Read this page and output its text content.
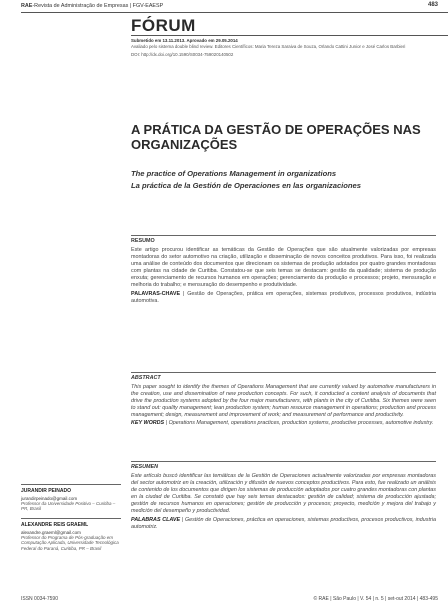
RAE-Revista de Administração de Empresas | FGV-EAESP	483
FÓRUM
Submetido em 13.11.2013. Aprovado em 29.05.2014
Avaliado pelo sistema double blind review. Editores Científicos: Maria Tereza Saraiva de Souza, Orlando Cattini Junior e José Carlos Barbieri
DOI: http://dx.doi.org/10.1590/S0034-759020140502
A PRÁTICA DA GESTÃO DE OPERAÇÕES NAS ORGANIZAÇÕES
The practice of Operations Management in organizations
La práctica de la Gestión de Operaciones en las organizaciones
RESUMO
Este artigo procurou identificar as temáticas da Gestão de Operações que são atualmente valorizadas por empresas montadoras do setor automotivo na criação, utilização e disseminação de novos conceitos produtivos. Para isso, foi realizada uma análise de conteúdo dos documentos que direcionam os sistemas de produção adotados por quatro grandes montadoras com plantas na cidade de Curitiba. Constatou-se que seis temas se destacam: gestão da qualidade; sistema de produção enxuta; gerenciamento de recursos humanos em operações; gerenciamento da produção e processos; projeto, mensuração e melhoria do trabalho; e mensuração do desempenho e produtividade.
PALAVRAS-CHAVE | Gestão de Operações, prática em operações, sistemas produtivos, processos produtivos, indústria automotiva.
ABSTRACT
This paper sought to identify the themes of Operations Management that are currently valued by automotive manufacturers in the creation, use and dissemination of new production concepts. For such, it conducted a content analysis of documents that drive the production systems adopted by the four major manufacturers, with plants in the city of Curitiba. Six themes were seen to stand out: quality management; lean production system; human resource management in operations; production and process management; design, measurement and improvement of work; and measurement of performance and productivity.
KEY WORDS | Operations Management, operations practices, production systems, productive processes, automotive industry.
RESUMEN
Este artículo buscó identificar las temáticas de la Gestión de Operaciones actualmente valorizadas por empresas montadoras del sector automotriz en la creación, utilización y difusión de nuevos conceptos productivos. Para esto, fue realizado un análisis de contenido de los documentos que dirigen los sistemas de producción adoptados por cuatro grandes montadoras con plantas en la ciudad de Curitiba. Se constató que hay seis temas destacados: gestión de calidad; sistema de producción ajustada; gestión de recursos humanos en operaciones; gestión de producción y procesos; proyecto, medición y mejora del trabajo y medición del desempeño y productividad.
PALABRAS CLAVE | Gestión de Operaciones, práctica en operaciones, sistemas productivos, procesos productivos, industria automotriz.
JURANDIR PEINADO
jurandirpeinado@gmail.com
Professor da Universidade Positivo – Curitiba – PR, Brasil
ALEXANDRE REIS GRAEML
alexandre.graeml@gmail.com
Professor do Programa de Pós-graduação em Computação Aplicada, Universidade Tecnológica Federal do Paraná, Curitiba, PR – Brasil
ISSN 0034-7590	© RAE | São Paulo | V. 54 | n. 5 | set-out 2014 | 483-495
